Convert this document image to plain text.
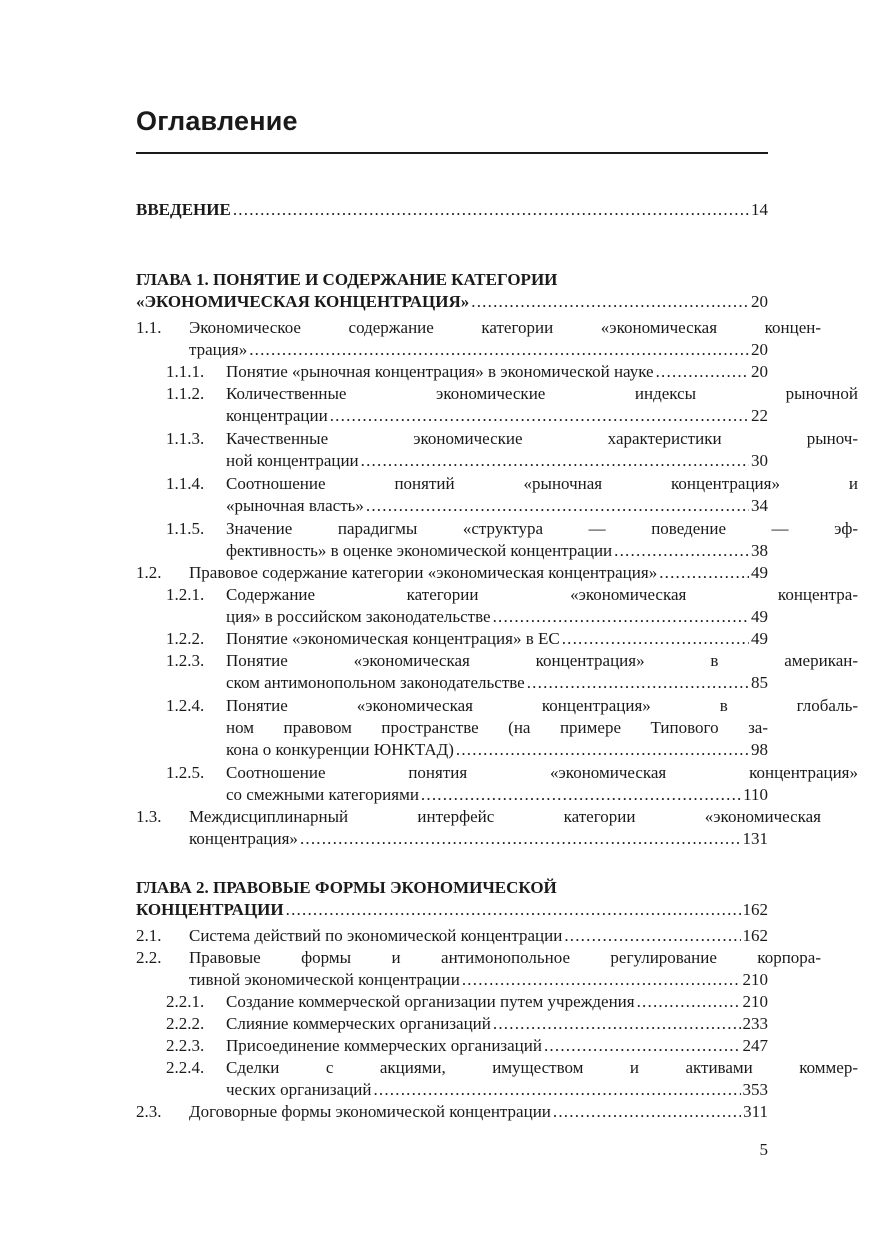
Оглавление
ВВЕДЕНИЕ .....	14
ГЛАВА 1. ПОНЯТИЕ И СОДЕРЖАНИЕ КАТЕГОРИИ
«ЭКОНОМИЧЕСКАЯ КОНЦЕНТРАЦИЯ» .....	20
1.1. Экономическое содержание категории «экономическая концен-
трация» .....	20
1.1.1. Понятие «рыночная концентрация» в экономической науке .....	20
1.1.2. Количественные экономические индексы рыночной
концентрации .....	22
1.1.3. Качественные экономические характеристики рыноч-
ной концентрации .....	30
1.1.4. Соотношение понятий «рыночная концентрация» и
«рыночная власть» .....	34
1.1.5. Значение парадигмы «структура — поведение — эф-
фективность» в оценке экономической концентрации .....	38
1.2. Правовое содержание категории «экономическая концентрация» .....	49
1.2.1. Содержание категории «экономическая концентра-
ция» в российском законодательстве .....	49
1.2.2. Понятие «экономическая концентрация» в ЕС .....	49
1.2.3. Понятие «экономическая концентрация» в американ-
ском антимонопольном законодательстве .....	85
1.2.4. Понятие «экономическая концентрация» в глобаль-
ном правовом пространстве (на примере Типового за-
кона о конкуренции ЮНКТАД) .....	98
1.2.5. Соотношение понятия «экономическая концентрация»
со смежными категориями .....	110
1.3. Междисциплинарный интерфейс категории «экономическая
концентрация» .....	131
ГЛАВА 2. ПРАВОВЫЕ ФОРМЫ ЭКОНОМИЧЕСКОЙ
КОНЦЕНТРАЦИИ .....	162
2.1. Система действий по экономической концентрации .....	162
2.2. Правовые формы и антимонопольное регулирование корпора-
тивной экономической концентрации .....	210
2.2.1. Создание коммерческой организации путем учреждения .....	210
2.2.2. Слияние коммерческих организаций .....	233
2.2.3. Присоединение коммерческих организаций .....	247
2.2.4. Сделки с акциями, имуществом и активами коммер-
ческих организаций .....	353
2.3. Договорные формы экономической концентрации .....	311
5
